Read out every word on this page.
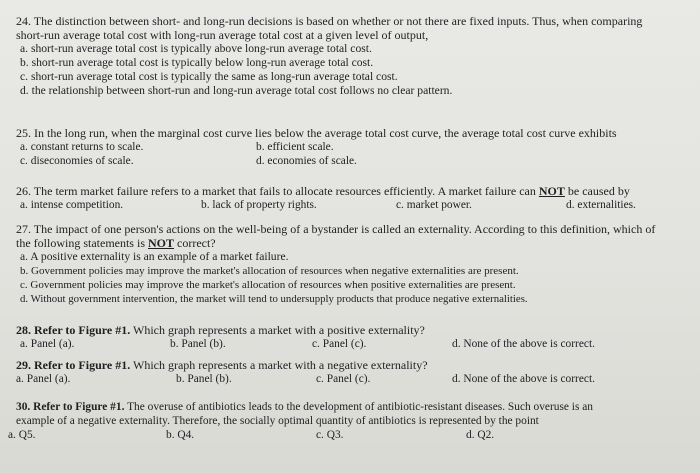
24. The distinction between short- and long-run decisions is based on whether or not there are fixed inputs. Thus, when comparing
short-run average total cost with long-run average total cost at a given level of output,
a. short-run average total cost is typically above long-run average total cost.
b. short-run average total cost is typically below long-run average total cost.
c. short-run average total cost is typically the same as long-run average total cost.
d. the relationship between short-run and long-run average total cost follows no clear pattern.
25. In the long run, when the marginal cost curve lies below the average total cost curve, the average total cost curve exhibits
a. constant returns to scale.	b. efficient scale.
c. diseconomies of scale.	d. economies of scale.
26. The term market failure refers to a market that fails to allocate resources efficiently. A market failure can NOT be caused by
a. intense competition.	b. lack of property rights.	c. market power.	d. externalities.
27. The impact of one person's actions on the well-being of a bystander is called an externality. According to this definition, which of
the following statements is NOT correct?
a. A positive externality is an example of a market failure.
b. Government policies may improve the market's allocation of resources when negative externalities are present.
c. Government policies may improve the market's allocation of resources when positive externalities are present.
d. Without government intervention, the market will tend to undersupply products that produce negative externalities.
28. Refer to Figure #1. Which graph represents a market with a positive externality?
a. Panel (a).	b. Panel (b).	c. Panel (c).	d. None of the above is correct.
29. Refer to Figure #1. Which graph represents a market with a negative externality?
a. Panel (a).	b. Panel (b).	c. Panel (c).	d. None of the above is correct.
30. Refer to Figure #1. The overuse of antibiotics leads to the development of antibiotic-resistant diseases. Such overuse is an
example of a negative externality. Therefore, the socially optimal quantity of antibiotics is represented by the point
a. Q5.	b. Q4.	c. Q3.	d. Q2.
